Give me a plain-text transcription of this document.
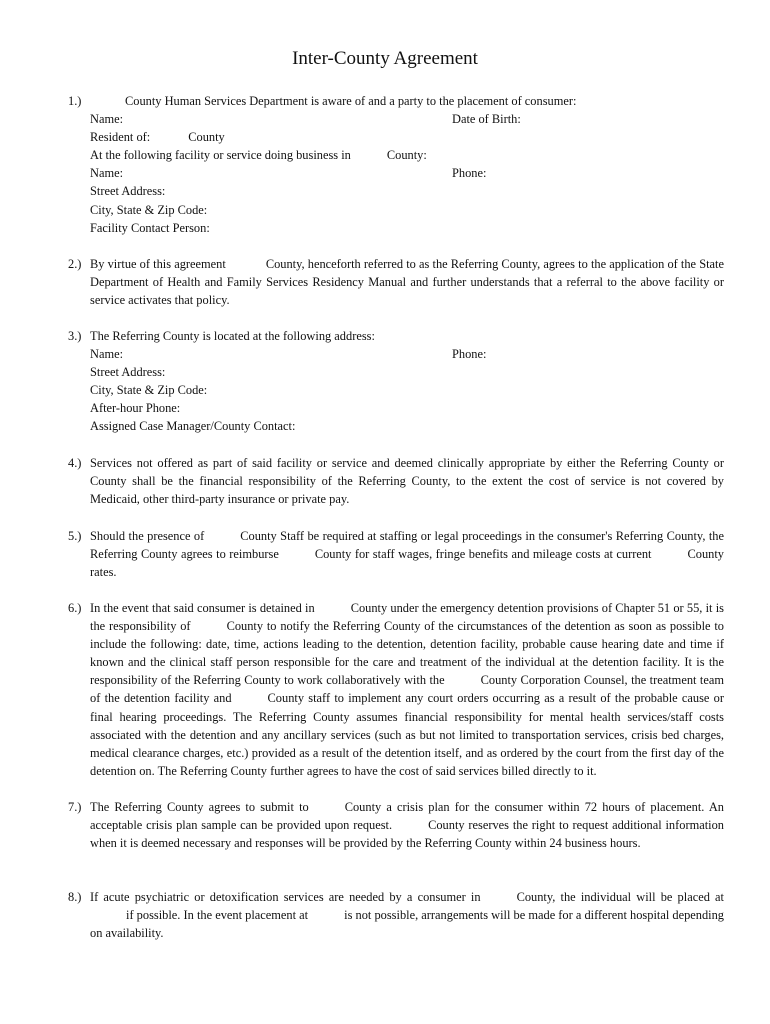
Inter-County Agreement
1.)	County Human Services Department is aware of and a party to the placement of consumer:
Name:	Date of Birth:
Resident of:	County
At the following facility or service doing business in	County:
Name:	Phone:
Street Address:
City, State & Zip Code:
Facility Contact Person:
2.) By virtue of this agreement	County, henceforth referred to as the Referring County, agrees to the application of the State Department of Health and Family Services Residency Manual and further understands that a referral to the above facility or service activates that policy.
3.) The Referring County is located at the following address:
Name:	Phone:
Street Address:
City, State & Zip Code:
After-hour Phone:
Assigned Case Manager/County Contact:
4.) Services not offered as part of said facility or service and deemed clinically appropriate by either the Referring County or County shall be the financial responsibility of the Referring County, to the extent the cost of service is not covered by Medicaid, other third-party insurance or private pay.
5.) Should the presence of	County Staff be required at staffing or legal proceedings in the consumer's Referring County, the Referring County agrees to reimburse	County for staff wages, fringe benefits and mileage costs at current	County rates.
6.) In the event that said consumer is detained in	County under the emergency detention provisions of Chapter 51 or 55, it is the responsibility of	County to notify the Referring County of the circumstances of the detention as soon as possible to include the following: date, time, actions leading to the detention, detention facility, probable cause hearing date and time if known and the clinical staff person responsible for the care and treatment of the individual at the detention facility. It is the responsibility of the Referring County to work collaboratively with the	County Corporation Counsel, the treatment team of the detention facility and	County staff to implement any court orders occurring as a result of the probable cause or final hearing proceedings. The Referring County assumes financial responsibility for mental health services/staff costs associated with the detention and any ancillary services (such as but not limited to transportation services, crisis bed charges, medical clearance charges, etc.) provided as a result of the detention itself, and as ordered by the court from the first day of the detention on. The Referring County further agrees to have the cost of said services billed directly to it.
7.) The Referring County agrees to submit to	County a crisis plan for the consumer within 72 hours of placement. An acceptable crisis plan sample can be provided upon request.	County reserves the right to request additional information when it is deemed necessary and responses will be provided by the Referring County within 24 business hours.
8.) If acute psychiatric or detoxification services are needed by a consumer in	County, the individual will be placed atif possible. In the event placement at	is not possible, arrangements will be made for a different hospital depending on availability.
